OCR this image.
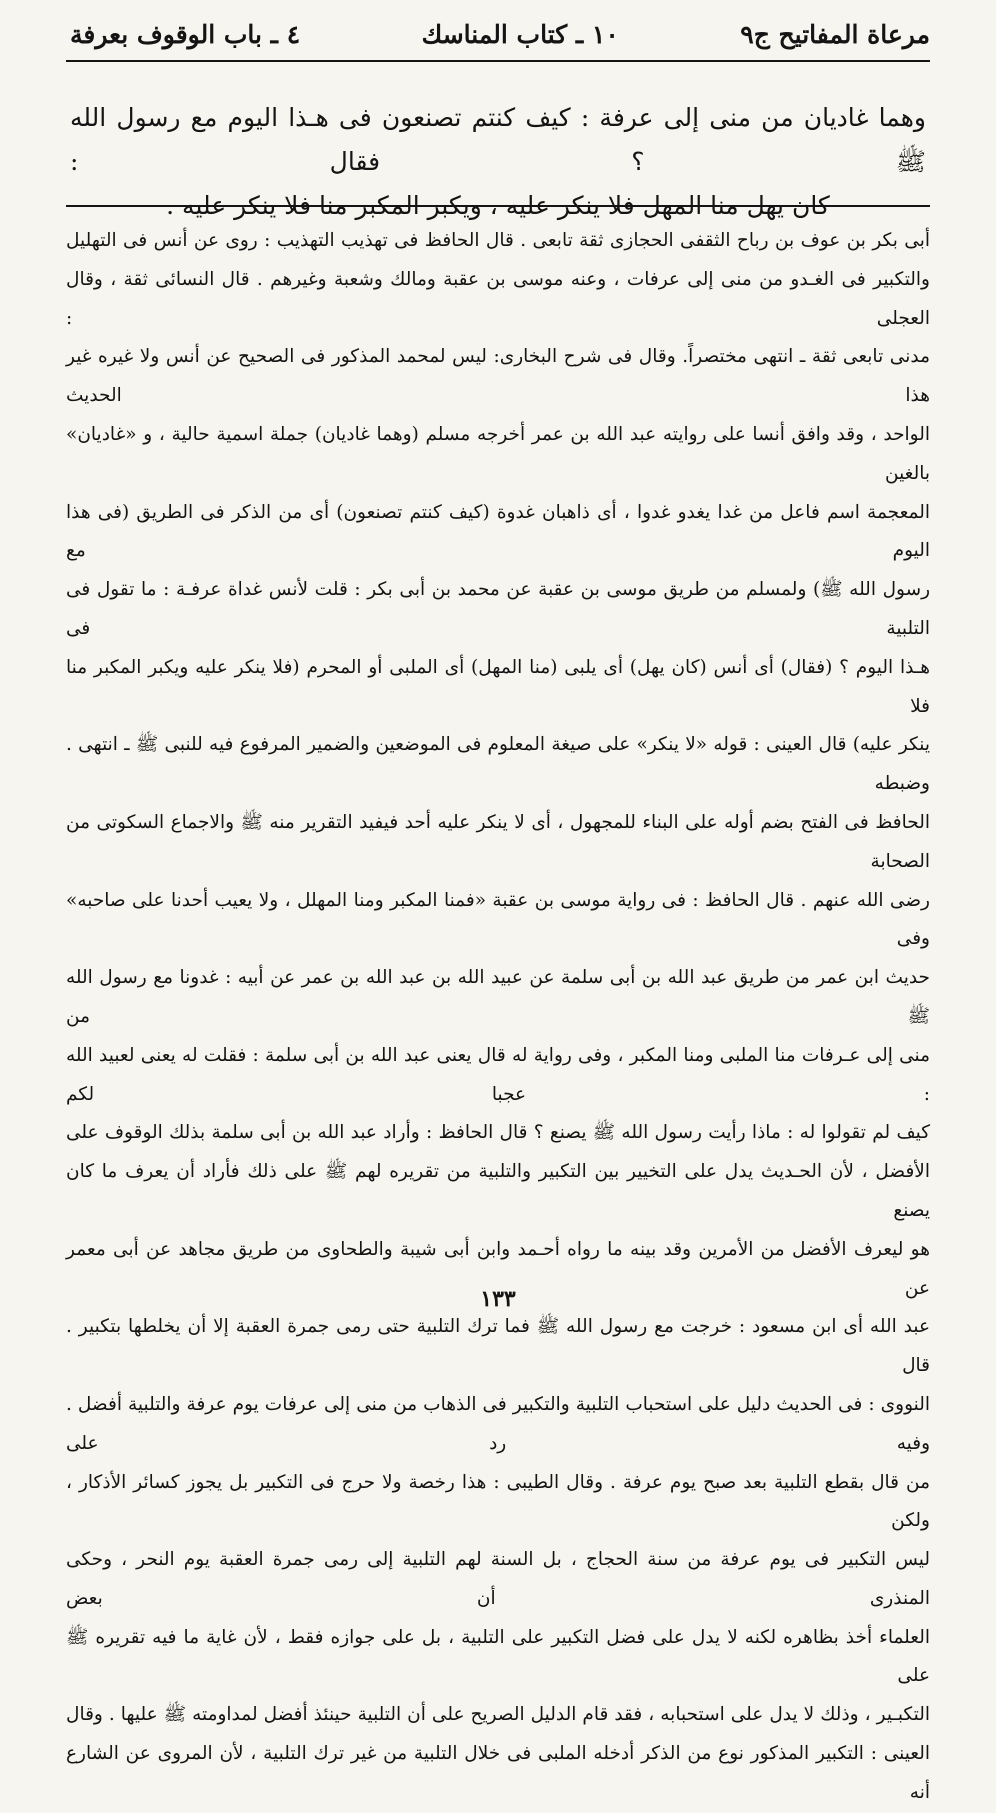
مرعاة المفاتيح ج٩
١٠ ـ كتاب المناسك
٤ ـ باب الوقوف بعرفة

وهما غاديان من منى إلى عرفة : كيف كنتم تصنعون فى هـذا اليوم مع رسول الله ﷺ ؟ فقال :

كان يهل منا المهل فلا ينكر عليه ، ويكبر المكبر منا فلا ينكر عليه .

أبى بكر بن عوف بن رباح الثقفى الحجازى ثقة تابعى . قال الحافظ فى تهذيب التهذيب : روى عن أنس فى التهليل

والتكبير فى الغـدو من منى إلى عرفات ، وعنه موسى بن عقبة ومالك وشعبة وغيرهم . قال النسائى ثقة ، وقال العجلى :

مدنى تابعى ثقة ـ انتهى مختصراً. وقال فى شرح البخارى: ليس لمحمد المذكور فى الصحيح عن أنس ولا غيره غير هذا الحديث

الواحد ، وقد وافق أنسا على روايته عبد الله بن عمر أخرجه مسلم (وهما غاديان) جملة اسمية حالية ، و «غاديان» بالغين

المعجمة اسم فاعل من غدا يغدو غدوا ، أى ذاهبان غدوة (كيف كنتم تصنعون) أى من الذكر فى الطريق (فى هذا اليوم مع

رسول الله ﷺ) ولمسلم من طريق موسى بن عقبة عن محمد بن أبى بكر : قلت لأنس غداة عرفـة : ما تقول فى التلبية فى

هـذا اليوم ؟ (فقال) أى أنس (كان يهل) أى يلبى (منا المهل) أى الملبى أو المحرم (فلا ينكر عليه ويكبر المكبر منا فلا

ينكر عليه) قال العينى : قوله «لا ينكر» على صيغة المعلوم فى الموضعين والضمير المرفوع فيه للنبى ﷺ ـ انتهى . وضبطه

الحافظ فى الفتح بضم أوله على البناء للمجهول ، أى لا ينكر عليه أحد فيفيد التقرير منه ﷺ والاجماع السكوتى من الصحابة

رضى الله عنهم . قال الحافظ : فى رواية موسى بن عقبة «فمنا المكبر ومنا المهلل ، ولا يعيب أحدنا على صاحبه» وفى

حديث ابن عمر من طريق عبد الله بن أبى سلمة عن عبيد الله بن عبد الله بن عمر عن أبيه : غدونا مع رسول الله ﷺ من

منى إلى عـرفات منا الملبى ومنا المكبر ، وفى رواية له قال يعنى عبد الله بن أبى سلمة : فقلت له يعنى لعبيد الله : عجبا لكم

كيف لم تقولوا له : ماذا رأيت رسول الله ﷺ يصنع ؟ قال الحافظ : وأراد عبد الله بن أبى سلمة بذلك الوقوف على

الأفضل ، لأن الحـديث يدل على التخيير بين التكبير والتلبية من تقريره لهم ﷺ على ذلك فأراد أن يعرف ما كان يصنع

هو ليعرف الأفضل من الأمرين وقد بينه ما رواه أحـمد وابن أبى شيبة والطحاوى من طريق مجاهد عن أبى معمر عن

عبد الله أى ابن مسعود : خرجت مع رسول الله ﷺ فما ترك التلبية حتى رمى جمرة العقبة إلا أن يخلطها بتكبير . قال

النووى : فى الحديث دليل على استحباب التلبية والتكبير فى الذهاب من منى إلى عرفات يوم عرفة والتلبية أفضل . وفيه رد على

من قال بقطع التلبية بعد صبح يوم عرفة . وقال الطيبى : هذا رخصة ولا حرج فى التكبير بل يجوز كسائر الأذكار ، ولكن

ليس التكبير فى يوم عرفة من سنة الحجاج ، بل السنة لهم التلبية إلى رمى جمرة العقبة يوم النحر ، وحكى المنذرى أن بعض

العلماء أخذ بظاهره لكنه لا يدل على فضل التكبير على التلبية ، بل على جوازه فقط ، لأن غاية ما فيه تقريره ﷺ على

التكبـير ، وذلك لا يدل على استحبابه ، فقد قام الدليل الصريح على أن التلبية حينئذ أفضل لمداومته ﷺ عليها . وقال

العينى : التكبير المذكور نوع من الذكر أدخله الملبى فى خلال التلبية من غير ترك التلبية ، لأن المروى عن الشارع أنه

١٣٣
